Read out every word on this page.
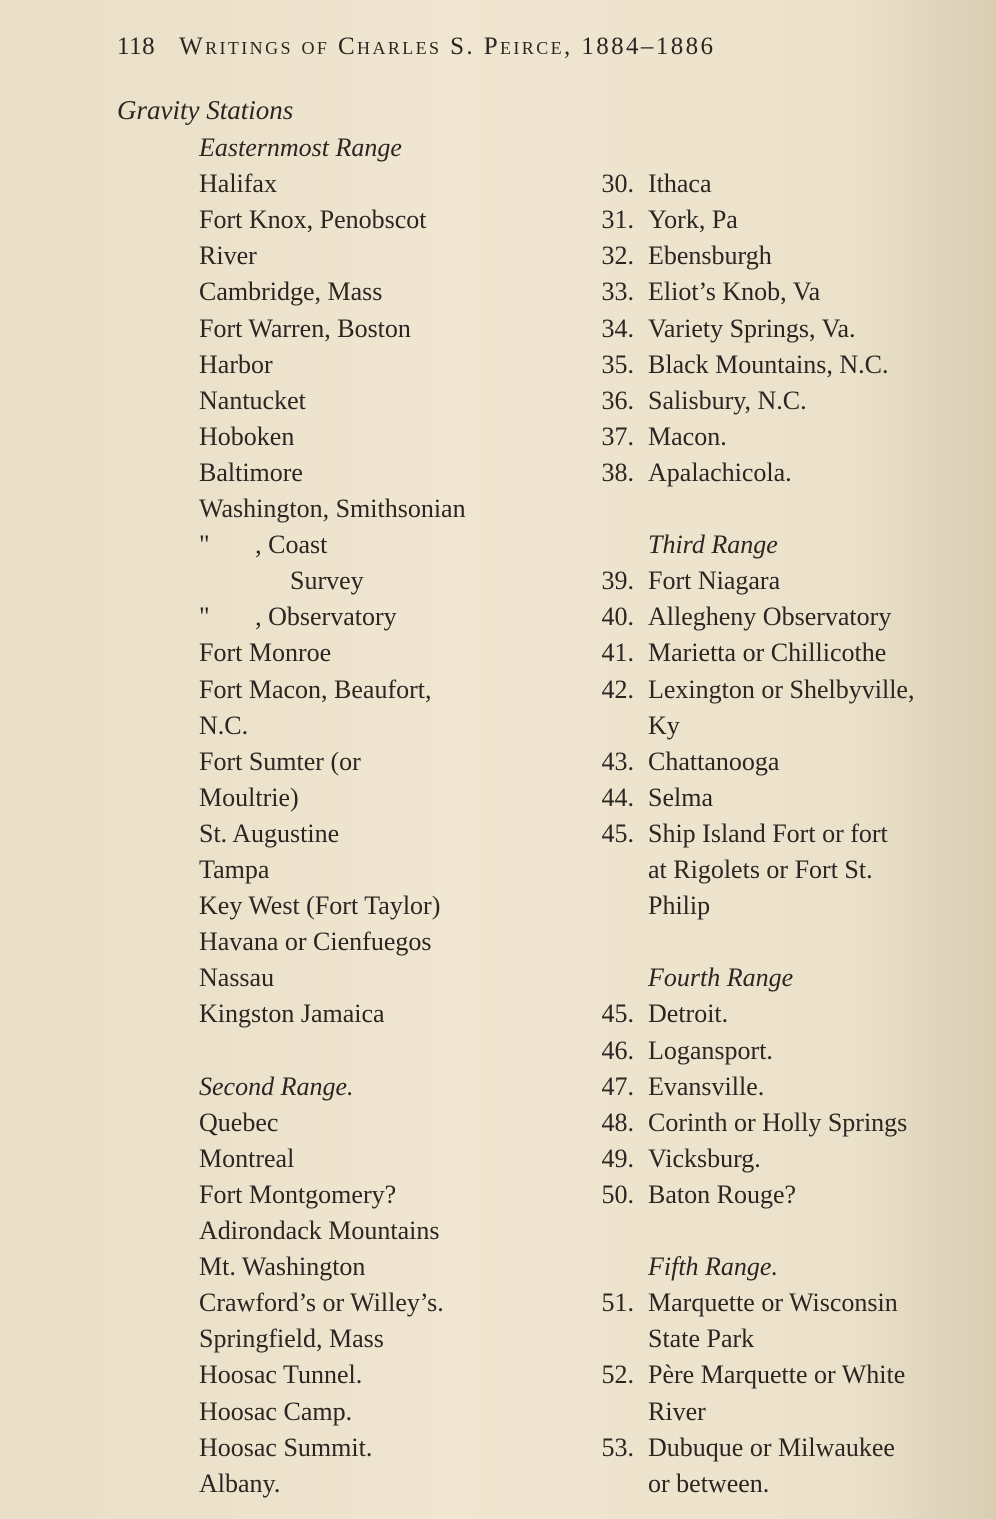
118 Writings of Charles S. Peirce, 1884–1886
Gravity Stations
Easternmost Range
Halifax
Fort Knox, Penobscot
River
Cambridge, Mass
Fort Warren, Boston
Harbor
Nantucket
Hoboken
Baltimore
Washington, Smithsonian
"       , Coast
Survey
"       , Observatory
Fort Monroe
Fort Macon, Beaufort,
N.C.
Fort Sumter (or
Moultrie)
St. Augustine
Tampa
Key West (Fort Taylor)
Havana or Cienfuegos
Nassau
Kingston Jamaica
Second Range.
Quebec
Montreal
Fort Montgomery?
Adirondack Mountains
Mt. Washington
Crawford’s or Willey’s.
Springfield, Mass
Hoosac Tunnel.
Hoosac Camp.
Hoosac Summit.
Albany.
30. Ithaca
31. York, Pa
32. Ebensburgh
33. Eliot’s Knob, Va
34. Variety Springs, Va.
35. Black Mountains, N.C.
36. Salisbury, N.C.
37. Macon.
38. Apalachicola.
Third Range
39. Fort Niagara
40. Allegheny Observatory
41. Marietta or Chillicothe
42. Lexington or Shelbyville,
Ky
43. Chattanooga
44. Selma
45. Ship Island Fort or fort
at Rigolets or Fort St.
Philip
Fourth Range
45. Detroit.
46. Logansport.
47. Evansville.
48. Corinth or Holly Springs
49. Vicksburg.
50. Baton Rouge?
Fifth Range.
51. Marquette or Wisconsin
State Park
52. Père Marquette or White
River
53. Dubuque or Milwaukee
or between.
